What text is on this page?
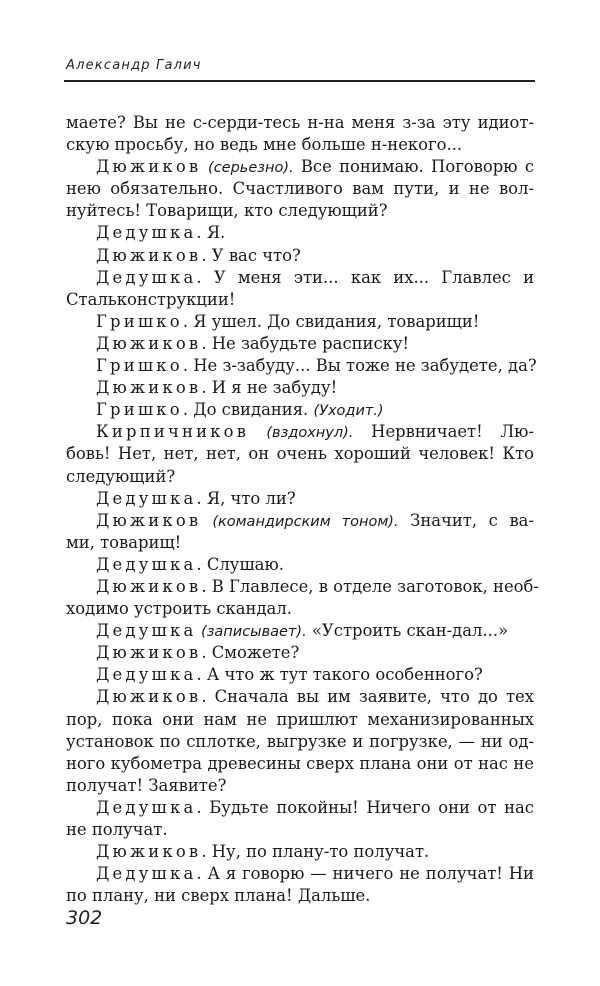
Александр Галич
маете? Вы не с-серди-тесь н-на меня з-за эту идиот-
скую просьбу, но ведь мне больше н-некого...
Дюжиков (серьезно). Все понимаю. Поговорю с
нею обязательно. Счастливого вам пути, и не вол-
нуйтесь! Товарищи, кто следующий?
Дедушка. Я.
Дюжиков. У вас что?
Дедушка. У меня эти... как их... Главлес и
Стальконструкции!
Гришко. Я ушел. До свидания, товарищи!
Дюжиков. Не забудьте расписку!
Гришко. Не з-забуду... Вы тоже не забудете, да?
Дюжиков. И я не забуду!
Гришко. До свидания. (Уходит.)
Кирпичников (вздохнул). Нервничает! Лю-
бовь! Нет, нет, нет, он очень хороший человек! Кто
следующий?
Дедушка. Я, что ли?
Дюжиков (командирским тоном). Значит, с ва-
ми, товарищ!
Дедушка. Слушаю.
Дюжиков. В Главлесе, в отделе заготовок, необ-
ходимо устроить скандал.
Дедушка (записывает). «Устроить скан-дал...»
Дюжиков. Сможете?
Дедушка. А что ж тут такого особенного?
Дюжиков. Сначала вы им заявите, что до тех
пор, пока они нам не пришлют механизированных
установок по сплотке, выгрузке и погрузке, — ни од-
ного кубометра древесины сверх плана они от нас не
получат! Заявите?
Дедушка. Будьте покойны! Ничего они от нас
не получат.
Дюжиков. Ну, по плану-то получат.
Дедушка. А я говорю — ничего не получат! Ни
по плану, ни сверх плана! Дальше.
302
